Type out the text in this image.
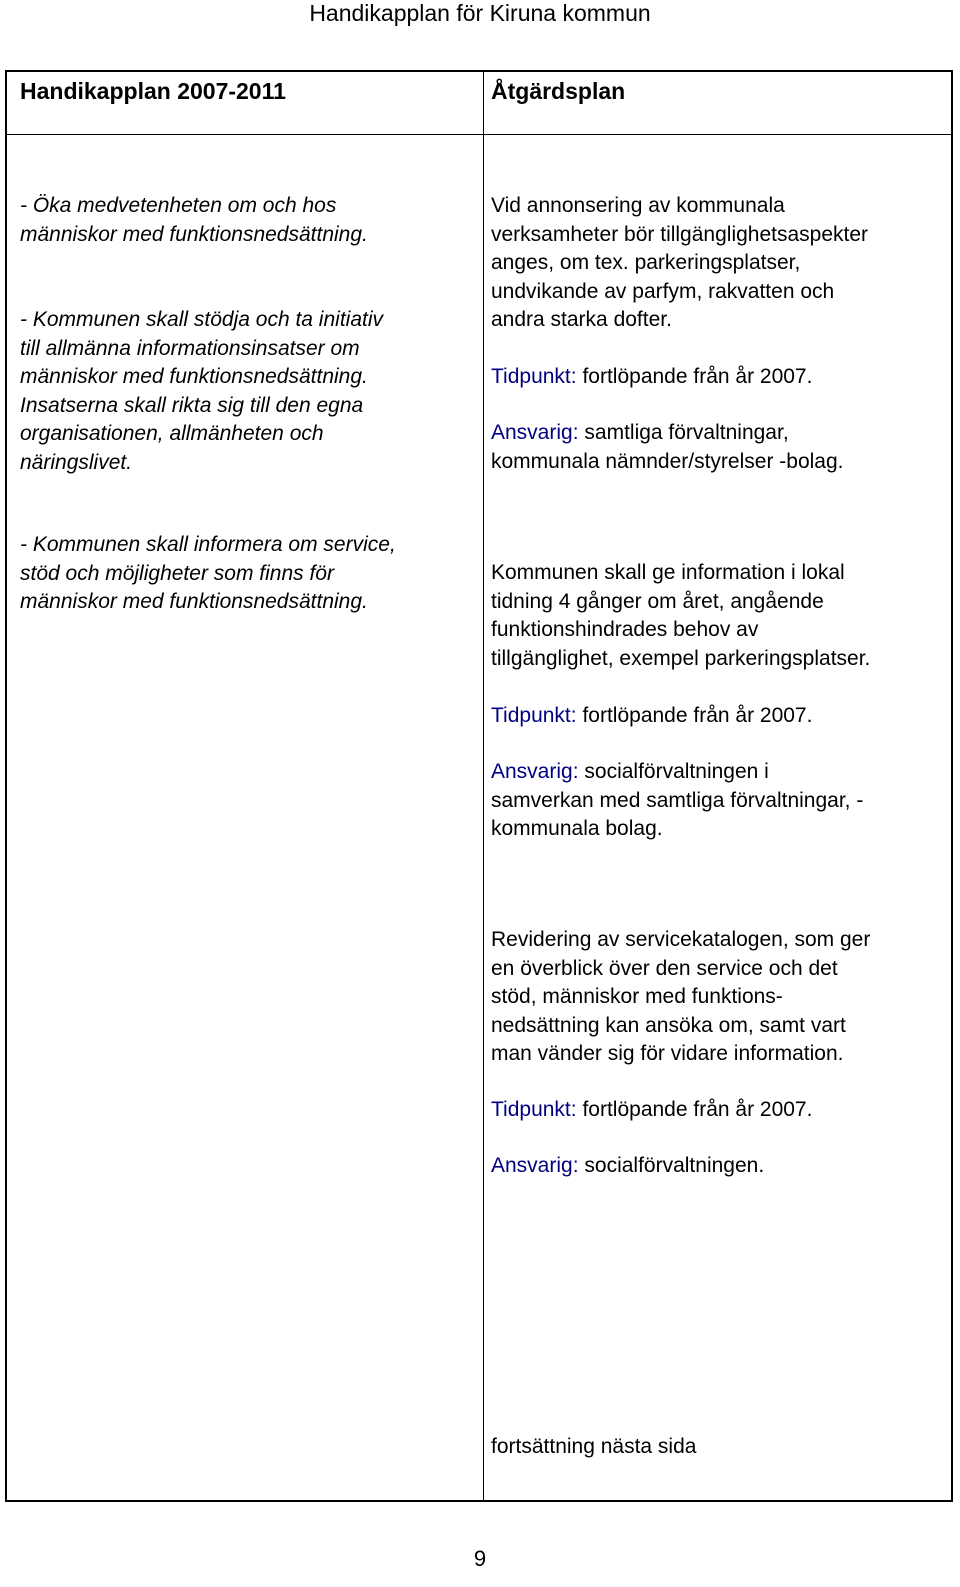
Handikapplan för Kiruna kommun
Handikapplan 2007-2011	Åtgärdsplan
- Öka medvetenheten om och hos
människor med funktionsnedsättning.
- Kommunen skall stödja och ta initiativ
till allmänna informationsinsatser om
människor med funktionsnedsättning.
Insatserna skall rikta sig till den egna
organisationen, allmänheten och
näringslivet.
Vid annonsering av kommunala
verksamheter bör tillgänglighetsaspekter
anges, om tex. parkeringsplatser,
undvikande av parfym, rakvatten och
andra starka dofter.
Tidpunkt: fortlöpande från år 2007.
Ansvarig: samtliga förvaltningar,
kommunala nämnder/styrelser -bolag.
- Kommunen skall informera om service,
stöd och möjligheter som finns för
människor med funktionsnedsättning.
Kommunen skall ge information i lokal
tidning 4 gånger om året, angående
funktionshindrades behov av
tillgänglighet, exempel parkeringsplatser.
Tidpunkt: fortlöpande från år 2007.
Ansvarig: socialförvaltningen i
samverkan med samtliga förvaltningar, -
kommunala bolag.
Revidering av servicekatalogen, som ger
en överblick över den service och det
stöd, människor med funktions-
nedsättning kan ansöka om, samt vart
man vänder sig för vidare information.
Tidpunkt: fortlöpande från år 2007.
Ansvarig: socialförvaltningen.
fortsättning nästa sida
9
